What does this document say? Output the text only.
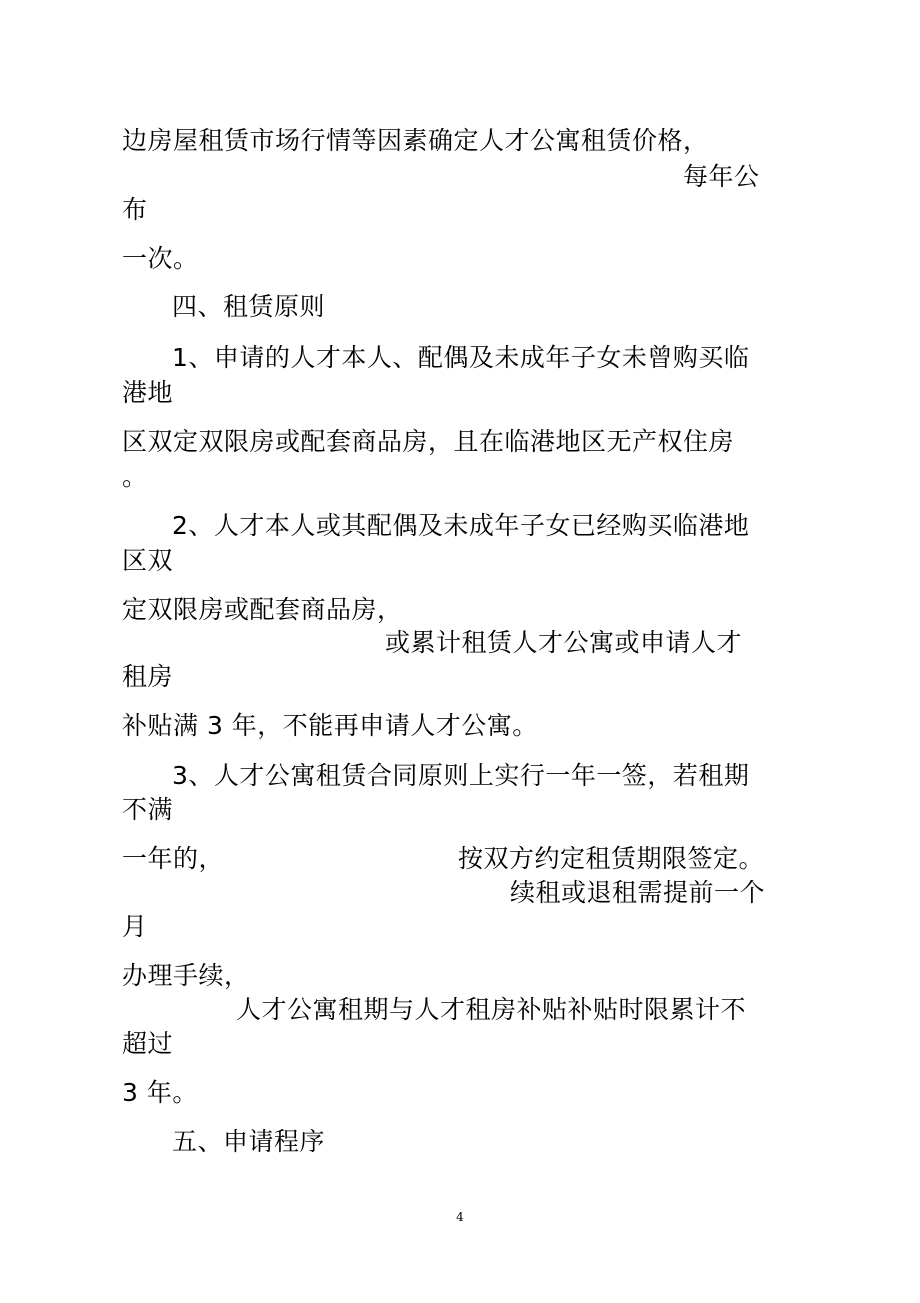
边房屋租赁市场行情等因素确定人才公寓租赁价格，
每年公
布
一次。
四、租赁原则
1、申请的人才本人、配偶及未成年子女未曾购买临
港地
区双定双限房或配套商品房，且在临港地区无产权住房
。
2、人才本人或其配偶及未成年子女已经购买临港地
区双
定双限房或配套商品房，
或累计租赁人才公寓或申请人才
租房
补贴满 3 年，不能再申请人才公寓。
3、人才公寓租赁合同原则上实行一年一签，若租期
不满
一年的，	按双方约定租赁期限签定。
续租或退租需提前一个
月
办理手续，
人才公寓租期与人才租房补贴补贴时限累计不
超过
3 年。
五、申请程序
4
